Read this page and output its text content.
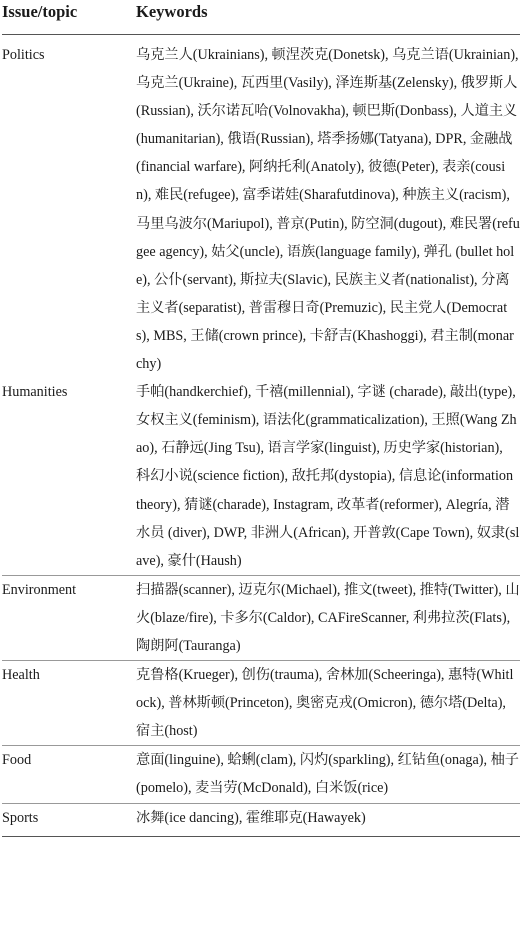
Issue/topic	Keywords

Politics	乌克兰人(Ukrainians), 顿涅茨克(Donetsk), 乌克兰语(Ukrainian), 乌克兰(Ukraine), 瓦西里(Vasily), 泽连斯基(Zelensky), 俄罗斯人(Russian), 沃尔诺瓦哈(Volnovakha), 顿巴斯(Donbass), 人道主义(humanitarian), 俄语(Russian), 塔季扬娜(Tatyana), DPR, 金融战(financial warfare), 阿纳托利(Anatoly), 彼德(Peter), 表亲(cousin), 难民(refugee), 富季诺娃(Sharafutdinova), 种族主义(racism), 马里乌波尔(Mariupol), 普京(Putin), 防空洞(dugout), 难民署(refugee agency), 姑父(uncle), 语族(language family), 弹孔 (bullet hole), 公仆(servant), 斯拉夫(Slavic), 民族主义者(nationalist), 分离主义者(separatist), 普雷穆日奇(Premuzic), 民主党人(Democrats), MBS, 王储(crown prince), 卡舒吉(Khashoggi), 君主制(monarchy)
Humanities	手帕(handkerchief), 千禧(millennial), 字谜 (charade), 敲出(type), 女权主义(feminism), 语法化(grammaticalization), 王照(Wang Zhao), 石静远(Jing Tsu), 语言学家(linguist), 历史学家(historian), 科幻小说(science fiction), 敌托邦(dystopia), 信息论(information theory), 猜谜(charade), Instagram, 改革者(reformer), Alegría, 潜水员 (diver), DWP, 非洲人(African), 开普敦(Cape Town), 奴隶(slave), 豪什(Haush)
Environment	扫描器(scanner), 迈克尔(Michael), 推文(tweet), 推特(Twitter), 山火(blaze/fire), 卡多尔(Caldor), CAFireScanner, 利弗拉茨(Flats), 陶朗阿(Tauranga)
Health	克鲁格(Krueger), 创伤(trauma), 舍林加(Scheeringa), 惠特(Whitlock), 普林斯顿(Princeton), 奥密克戎(Omicron), 德尔塔(Delta), 宿主(host)
Food	意面(linguine), 蛤蜊(clam), 闪灼(sparkling), 红钻鱼(onaga), 柚子(pomelo), 麦当劳(McDonald), 白米饭(rice)
Sports	冰舞(ice dancing), 霍维耶克(Hawayek)
